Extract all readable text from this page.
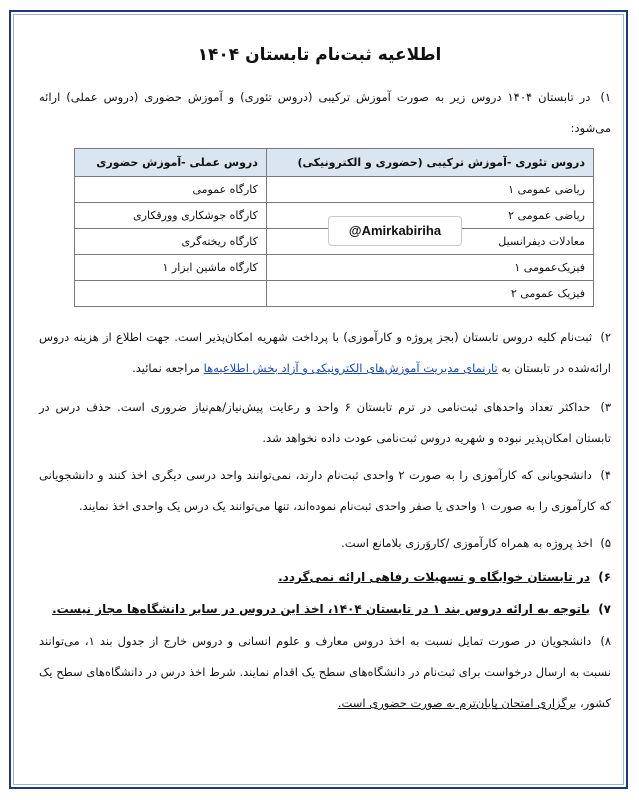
اطلاعیه ثبت‌نام تابستان ۱۴۰۴
۱) در تابستان ۱۴۰۴ دروس زیر به صورت آموزش ترکیبی (دروس تئوری) و آموزش حضوری (دروس عملی) ارائه می‌شود:
دروس تئوری -آموزش ترکیبی (حضوری و الکترونیکی)	دروس عملی -آموزش حضوری
ریاضی عمومی ۱	کارگاه عمومی
ریاضی عمومی ۲	کارگاه جوشکاری وورقکاری
معادلات دیفرانسیل	کارگاه ریخته‌گری
فیزیک‌عمومی ۱	کارگاه ماشین ابزار ۱
فیزیک عمومی ۲	
۲) ثبت‌نام کلیه دروس تابستان (بجز پروژه و کارآموزی) با پرداخت شهریه امکان‌پذیر است. جهت اطلاع از هزینه دروس ارائه‌شده در تابستان به تارنمای مدیریت آموزش‌های الکترونیکی و آزاد بخش اطلاعیه‌ها مراجعه نمائید.
۳) حداکثر تعداد واحدهای ثبت‌نامی در ترم تابستان ۶ واحد و رعایت پیش‌نیاز/هم‌نیاز ضروری است. حذف درس در تابستان امکان‌پذیر نبوده و شهریه دروس ثبت‌نامی عودت داده نخواهد شد.
۴) دانشجویانی که کارآموزی را به صورت ۲ واحدی ثبت‌نام دارند، نمی‌توانند واحد درسی دیگری اخذ کنند و دانشجویانی که کارآموزی را به صورت ۱ واحدی یا صفر واحدی ثبت‌نام نموده‌اند، تنها می‌توانند یک درس یک واحدی اخذ نمایند.
۵) اخذ پروژه به همراه کارآموزی /کاروَرزی بلامانع است.
۶) در تابستان خوابگاه و تسهیلات رفاهی ارائه نمی‌گردد.
۷) باتوجه به ارائه دروس بند ۱ در تابستان ۱۴۰۴، اخذ این دروس در سایر دانشگاه‌ها مجاز نیست.
۸) دانشجویان در صورت تمایل نسبت به اخذ دروس معارف و علوم انسانی و دروس خارج از جدول بند ۱، می‌توانند نسبت به ارسال درخواست برای ثبت‌نام در دانشگاه‌های سطح یک اقدام نمایند. شرط اخذ درس در دانشگاه‌های سطح یک کشور، برگزاری امتحان پایان‌ترم به صورت حضوری است.
@Amirkabiriha
